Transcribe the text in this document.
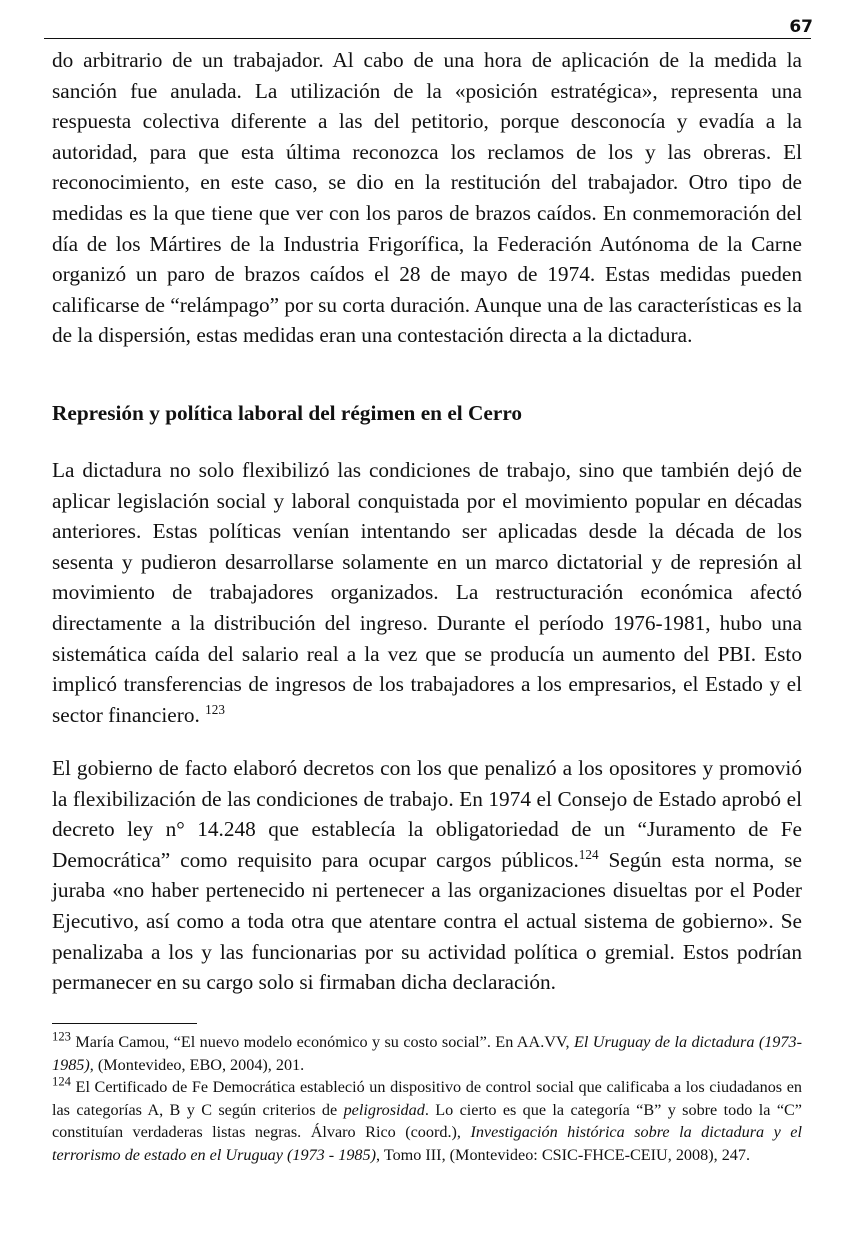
67

do arbitrario de un trabajador. Al cabo de una hora de aplicación de la medida la sanción fue anulada. La utilización de la «posición estratégica», representa una respuesta colectiva diferente a las del petitorio, porque desconocía y evadía a la autoridad, para que esta última reconozca los reclamos de los y las obreras. El reconocimiento, en este caso, se dio en la restitución del trabajador. Otro tipo de medidas es la que tiene que ver con los paros de brazos caídos. En conmemoración del día de los Mártires de la Industria Frigorífica, la Federación Autónoma de la Carne organizó un paro de brazos caídos el 28 de mayo de 1974. Estas medidas pueden calificarse de “relámpago” por su corta duración. Aunque una de las características es la de la dispersión, estas medidas eran una contestación directa a la dictadura.

Represión y política laboral del régimen en el Cerro

La dictadura no solo flexibilizó las condiciones de trabajo, sino que también dejó de aplicar legislación social y laboral conquistada por el movimiento popular en décadas anteriores. Estas políticas venían intentando ser aplicadas desde la década de los sesenta y pudieron desarrollarse solamente en un marco dictatorial y de represión al movimiento de trabajadores organizados. La restructuración económica afectó directamente a la distribución del ingreso. Durante el período 1976-1981, hubo una sistemática caída del salario real a la vez que se producía un aumento del PBI. Esto implicó transferencias de ingresos de los trabajadores a los empresarios, el Estado y el sector financiero. $^{123}$

El gobierno de facto elaboró decretos con los que penalizó a los opositores y promovió la flexibilización de las condiciones de trabajo. En 1974 el Consejo de Estado aprobó el decreto ley n° 14.248 que establecía la obligatoriedad de un “Juramento de Fe Democrática” como requisito para ocupar cargos públicos.$^{124}$ Según esta norma, se juraba «no haber pertenecido ni pertenecer a las organizaciones disueltas por el Poder Ejecutivo, así como a toda otra que atentare contra el actual sistema de gobierno». Se penalizaba a los y las funcionarias por su actividad política o gremial. Estos podrían permanecer en su cargo solo si firmaban dicha declaración.

$^{123}$ María Camou, “El nuevo modelo económico y su costo social”. En AA.VV, El Uruguay de la dictadura (1973-1985), (Montevideo, EBO, 2004), 201.

$^{124}$ El Certificado de Fe Democrática estableció un dispositivo de control social que calificaba a los ciudadanos en las categorías A, B y C según criterios de peligrosidad. Lo cierto es que la categoría “B” y sobre todo la “C” constituían verdaderas listas negras. Álvaro Rico (coord.), Investigación histórica sobre la dictadura y el terrorismo de estado en el Uruguay (1973 - 1985), Tomo III, (Montevideo: CSIC-FHCE-CEIU, 2008), 247.
